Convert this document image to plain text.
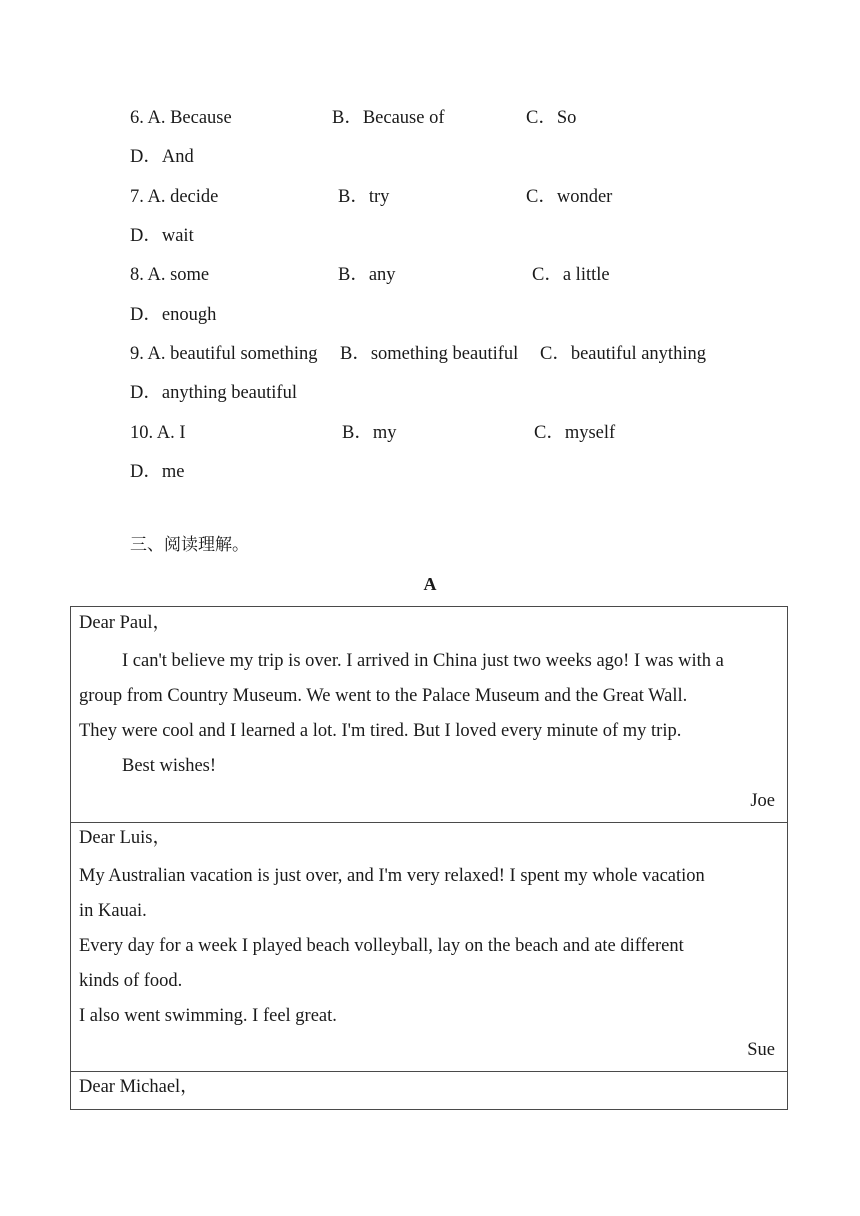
6. A. Because	B．Because of	C．So
D．And
7. A. decide	B．try	C．wonder
D．wait
8. A. some	B．any	C．a little
D．enough
9. A. beautiful something B．something beautiful C．beautiful anything
D．anything beautiful
10. A. I	B．my	C．myself
D．me
三、阅读理解。
A
Dear Paul，
I can't believe my trip is over. I arrived in China just two weeks ago! I was with a
group from Country Museum. We went to the Palace Museum and the Great Wall.
They were cool and I learned a lot. I'm tired. But I loved every minute of my trip.
Best wishes!
Joe
Dear Luis，
My Australian vacation is just over, and I'm very relaxed! I spent my whole vacation
in Kauai.
Every day for a week I played beach volleyball, lay on the beach and ate different
kinds of food.
I also went swimming. I feel great.
Sue
Dear Michael，
